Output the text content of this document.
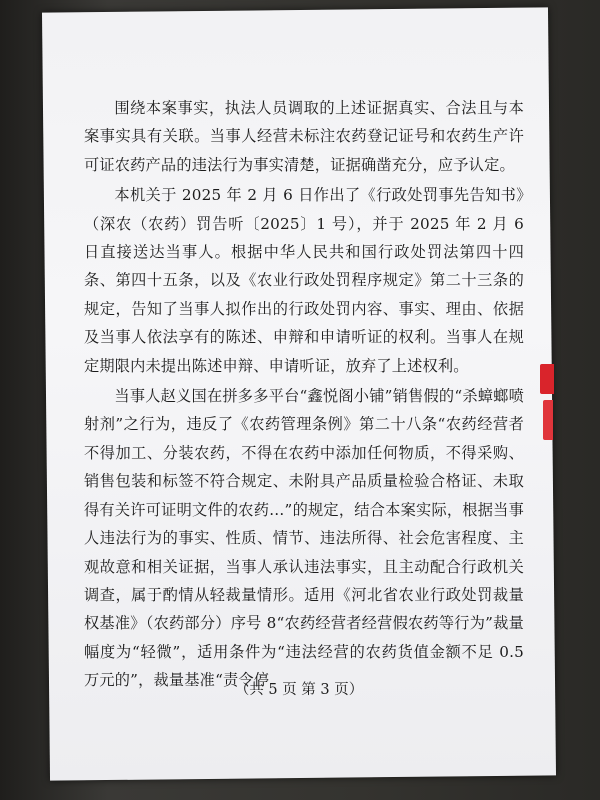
围绕本案事实，执法人员调取的上述证据真实、合法且与本案事实具有关联。当事人经营未标注农药登记证号和农药生产许可证农药产品的违法行为事实清楚，证据确凿充分，应予认定。

本机关于 2025 年 2 月 6 日作出了《行政处罚事先告知书》（深农（农药）罚告听〔2025〕1 号），并于 2025 年 2 月 6 日直接送达当事人。根据中华人民共和国行政处罚法第四十四条、第四十五条，以及《农业行政处罚程序规定》第二十三条的规定，告知了当事人拟作出的行政处罚内容、事实、理由、依据及当事人依法享有的陈述、申辩和申请听证的权利。当事人在规定期限内未提出陈述申辩、申请听证，放弃了上述权利。

当事人赵义国在拼多多平台“鑫悦阁小铺”销售假的“杀蟑螂喷射剂”之行为，违反了《农药管理条例》第二十八条“农药经营者不得加工、分装农药，不得在农药中添加任何物质，不得采购、销售包装和标签不符合规定、未附具产品质量检验合格证、未取得有关许可证明文件的农药…”的规定，结合本案实际，根据当事人违法行为的事实、性质、情节、违法所得、社会危害程度、主观故意和相关证据，当事人承认违法事实，且主动配合行政机关调查，属于酌情从轻裁量情形。适用《河北省农业行政处罚裁量权基准》（农药部分）序号 8“农药经营者经营假农药等行为”裁量幅度为“轻微”，适用条件为“违法经营的农药货值金额不足 0.5 万元的”，裁量基准“责令停

（共 5 页 第 3 页）
